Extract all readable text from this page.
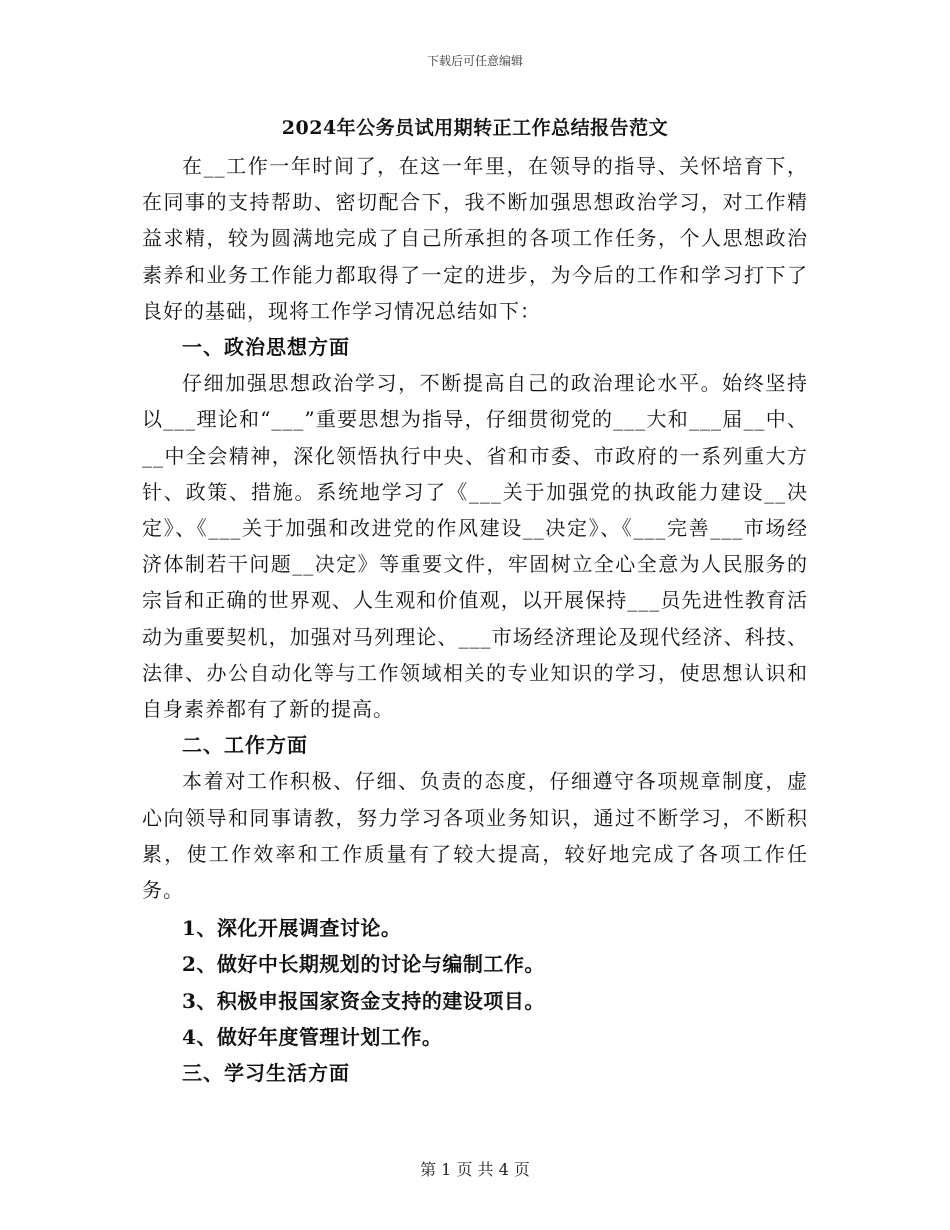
下载后可任意编辑
2024年公务员试用期转正工作总结报告范文

在__工作一年时间了，在这一年里，在领导的指导、关怀培育下，在同事的支持帮助、密切配合下，我不断加强思想政治学习，对工作精益求精，较为圆满地完成了自己所承担的各项工作任务，个人思想政治素养和业务工作能力都取得了一定的进步，为今后的工作和学习打下了良好的基础，现将工作学习情况总结如下：

一、政治思想方面

仔细加强思想政治学习，不断提高自己的政治理论水平。始终坚持以___理论和“___”重要思想为指导，仔细贯彻党的___大和___届__中、__中全会精神，深化领悟执行中央、省和市委、市政府的一系列重大方针、政策、措施。系统地学习了《___关于加强党的执政能力建设__决定》、《___关于加强和改进党的作风建设__决定》、《___完善___市场经济体制若干问题__决定》等重要文件，牢固树立全心全意为人民服务的宗旨和正确的世界观、人生观和价值观，以开展保持___员先进性教育活动为重要契机，加强对马列理论、___市场经济理论及现代经济、科技、法律、办公自动化等与工作领域相关的专业知识的学习，使思想认识和自身素养都有了新的提高。

二、工作方面

本着对工作积极、仔细、负责的态度，仔细遵守各项规章制度，虚心向领导和同事请教，努力学习各项业务知识，通过不断学习，不断积累，使工作效率和工作质量有了较大提高，较好地完成了各项工作任务。

1、深化开展调查讨论。

2、做好中长期规划的讨论与编制工作。

3、积极申报国家资金支持的建设项目。

4、做好年度管理计划工作。

三、学习生活方面

第 1 页 共 4 页
